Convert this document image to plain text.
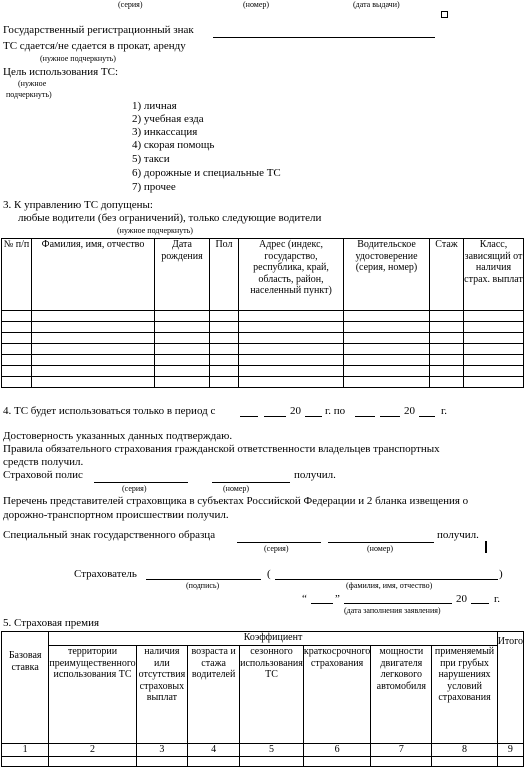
(серия)	(номер)	(дата выдачи)
Государственный регистрационный знак
ТС сдается/не сдается в прокат, аренду
(нужное подчеркнуть)
Цель использования ТС:
(нужное
подчеркнуть)
1) личная
2) учебная езда
3) инкассация
4) скорая помощь
5) такси
6) дорожные и специальные ТС
7) прочее
3. К управлению ТС допущены:
любые водители (без ограничений), только следующие водители
(нужное подчеркнуть)
№ п/п	Фамилия, имя, отчество	Дата рождения	Пол	Адрес (индекс, государство, республика, край, область, район, населенный пункт)	Водительское удостоверение (серия, номер)	Стаж	Класс, зависящий от наличия страх. выплат

4. ТС будет использоваться только в период с	20 г. по	20 г.
Достоверность указанных данных подтверждаю.
Правила обязательного страхования гражданской ответственности владельцев транспортных
средств получил.
Страховой полис	получил.
(серия)	(номер)
Перечень представителей страховщика в субъектах Российской Федерации и 2 бланка извещения о
дорожно-транспортном происшествии получил.
Специальный знак государственного образца	получил.
(серия)	(номер)
Страхователь	(	)
(подпись)	(фамилия, имя, отчество)
“	”	20 г.
(дата заполнения заявления)
5. Страховая премия
Базовая ставка	Коэффициент							Итого
	территории преимущественного использования ТС	наличия или отсутствия страховых выплат	возраста и стажа водителей	сезонного использования ТС	краткосрочного страхования	мощности двигателя легкового автомобиля	применяемый при грубых нарушениях условий страхования	
1	2	3	4	5	6	7	8	9
